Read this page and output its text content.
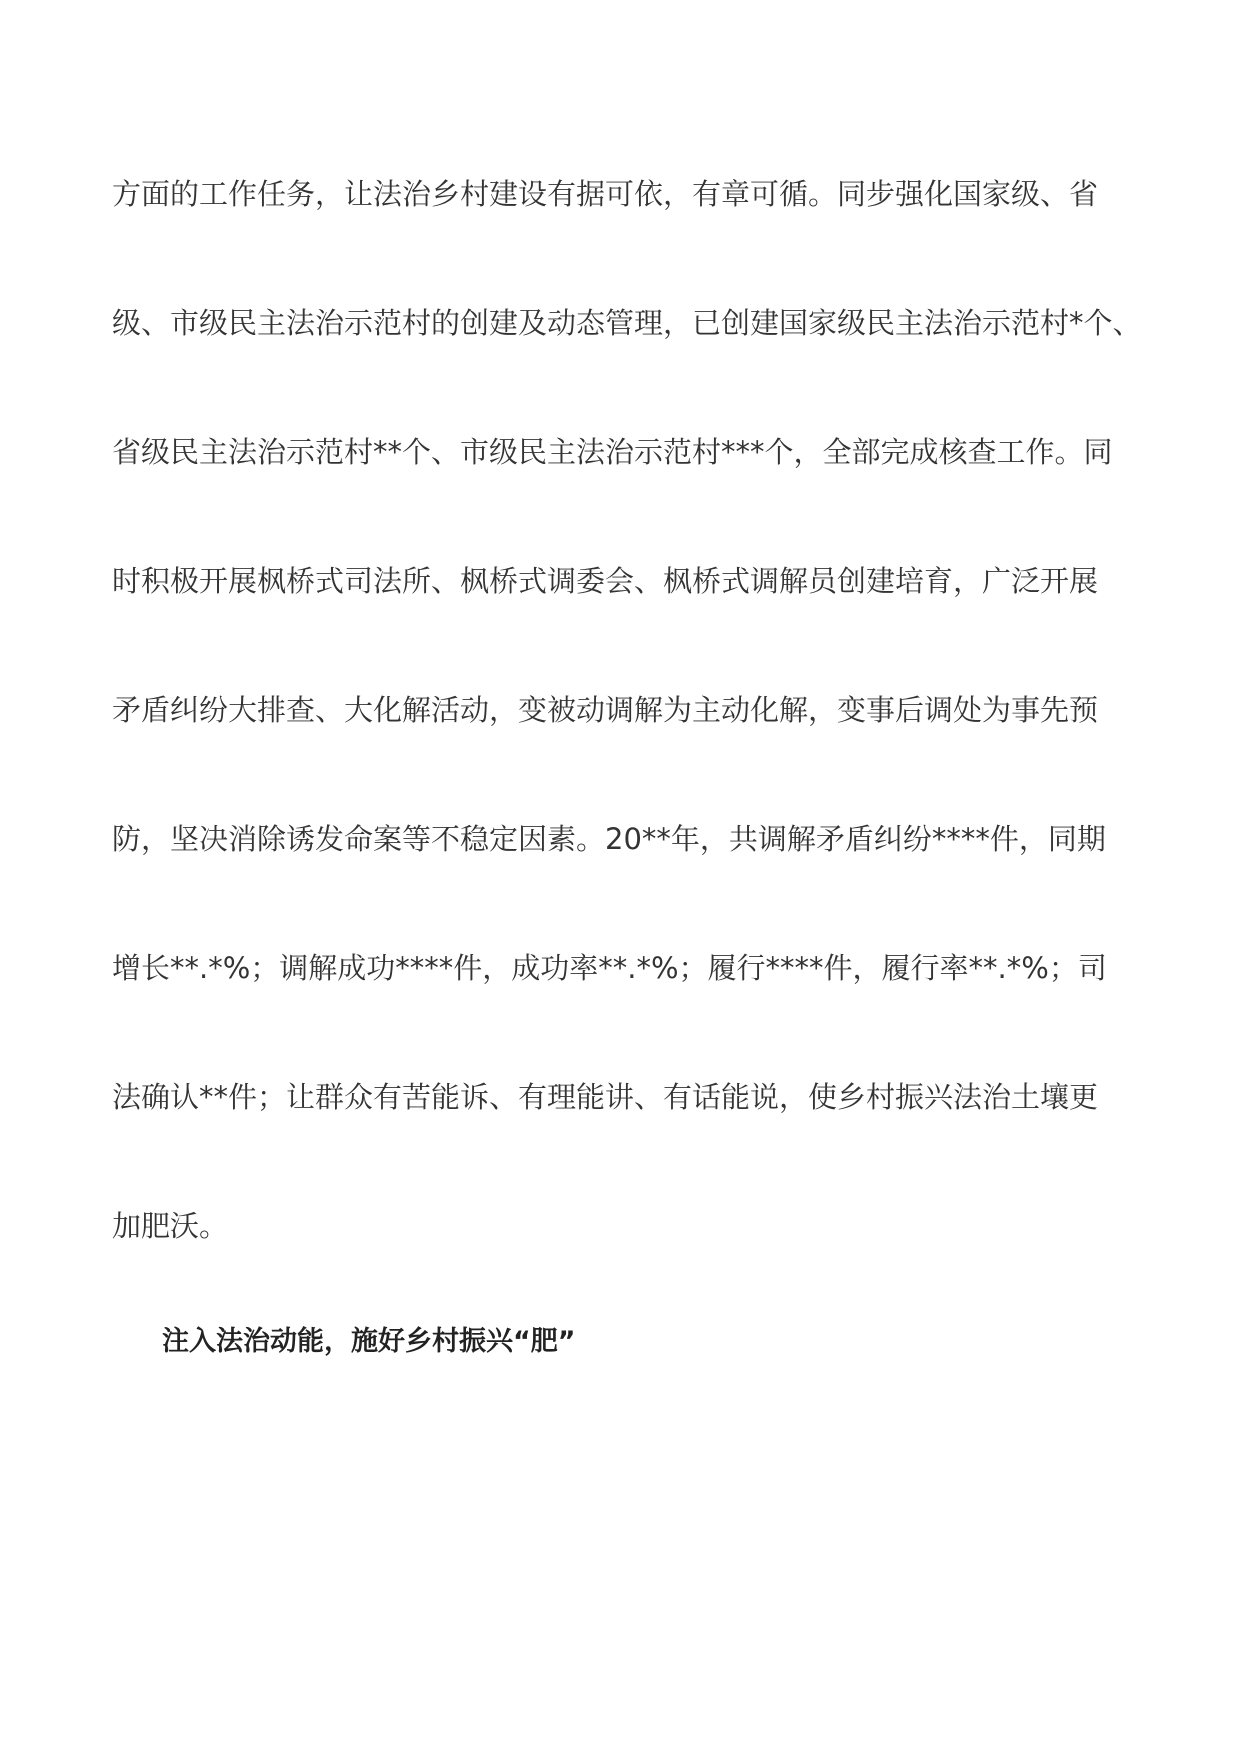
方面的工作任务，让法治乡村建设有据可依，有章可循。同步强化国家级、省
级、市级民主法治示范村的创建及动态管理，已创建国家级民主法治示范村*个、
省级民主法治示范村**个、市级民主法治示范村***个，全部完成核查工作。同
时积极开展枫桥式司法所、枫桥式调委会、枫桥式调解员创建培育，广泛开展
矛盾纠纷大排查、大化解活动，变被动调解为主动化解，变事后调处为事先预
防，坚决消除诱发命案等不稳定因素。20**年，共调解矛盾纠纷****件，同期
增长**.*%；调解成功****件，成功率**.*%；履行****件，履行率**.*%；司
法确认**件；让群众有苦能诉、有理能讲、有话能说，使乡村振兴法治土壤更
加肥沃。
注入法治动能，施好乡村振兴“肥”
